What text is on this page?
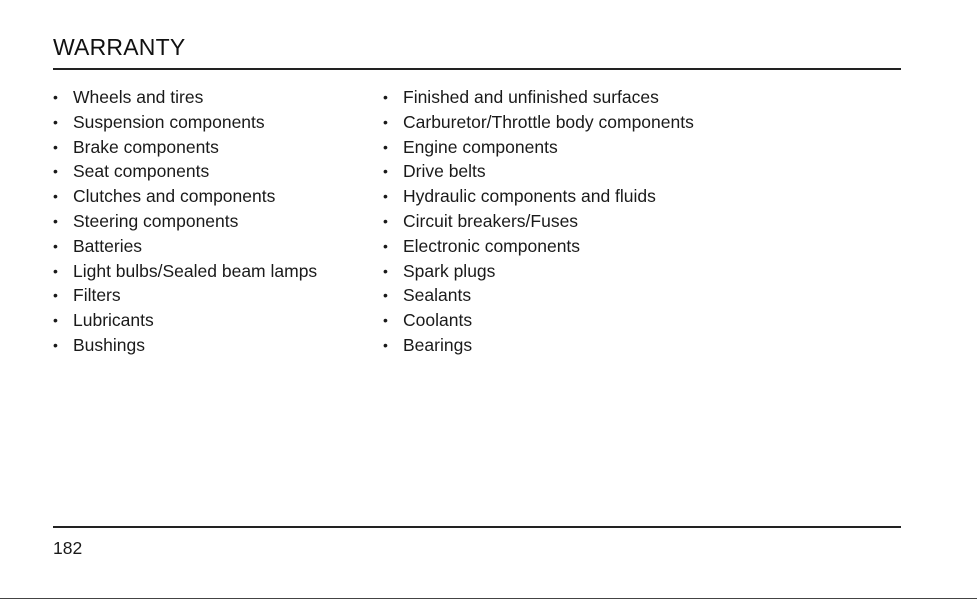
WARRANTY
• Wheels and tires
• Suspension components
• Brake components
• Seat components
• Clutches and components
• Steering components
• Batteries
• Light bulbs/Sealed beam lamps
• Filters
• Lubricants
• Bushings
• Finished and unfinished surfaces
• Carburetor/Throttle body components
• Engine components
• Drive belts
• Hydraulic components and fluids
• Circuit breakers/Fuses
• Electronic components
• Spark plugs
• Sealants
• Coolants
• Bearings
182
